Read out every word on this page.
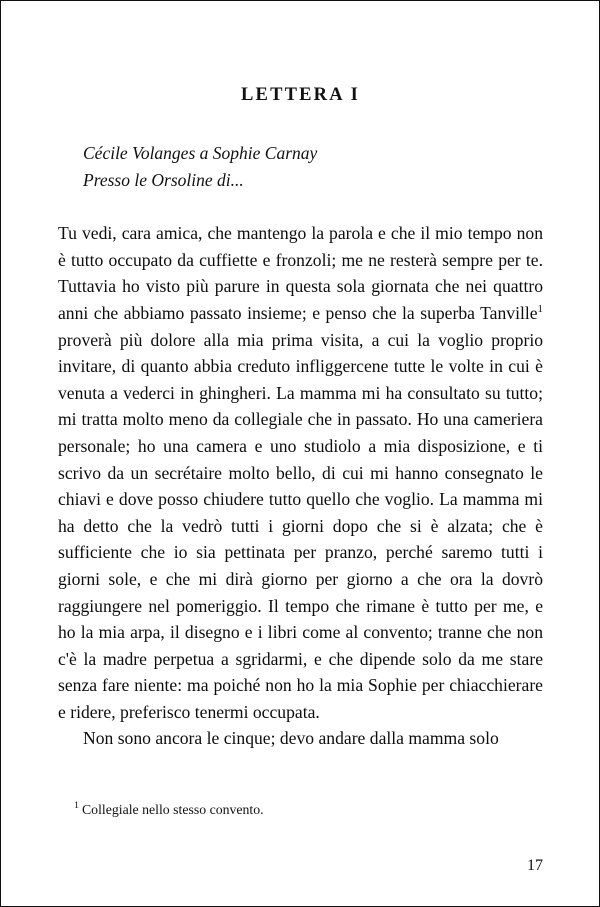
LETTERA I
Cécile Volanges a Sophie Carnay
Presso le Orsoline di...

Tu vedi, cara amica, che mantengo la parola e che il mio tempo non è tutto occupato da cuffiette e fronzoli; me ne resterà sempre per te. Tuttavia ho visto più parure in questa sola giornata che nei quattro anni che abbiamo passato insieme; e penso che la superba Tanville$^1$ proverà più dolore alla mia prima visita, a cui la voglio proprio invitare, di quanto abbia creduto infliggercene tutte le volte in cui è venuta a vederci in ghingheri. La mamma mi ha consultato su tutto; mi tratta molto meno da collegiale che in passato. Ho una cameriera personale; ho una camera e uno studiolo a mia disposizione, e ti scrivo da un secrétaire molto bello, di cui mi hanno consegnato le chiavi e dove posso chiudere tutto quello che voglio. La mamma mi ha detto che la vedrò tutti i giorni dopo che si è alzata; che è sufficiente che io sia pettinata per pranzo, perché saremo tutti i giorni sole, e che mi dirà giorno per giorno a che ora la dovrò raggiungere nel pomeriggio. Il tempo che rimane è tutto per me, e ho la mia arpa, il disegno e i libri come al convento; tranne che non c'è la madre perpetua a sgridarmi, e che dipende solo da me stare senza fare niente: ma poiché non ho la mia Sophie per chiacchierare e ridere, preferisco tenermi occupata.

Non sono ancora le cinque; devo andare dalla mamma solo

$^1$ Collegiale nello stesso convento.

17
